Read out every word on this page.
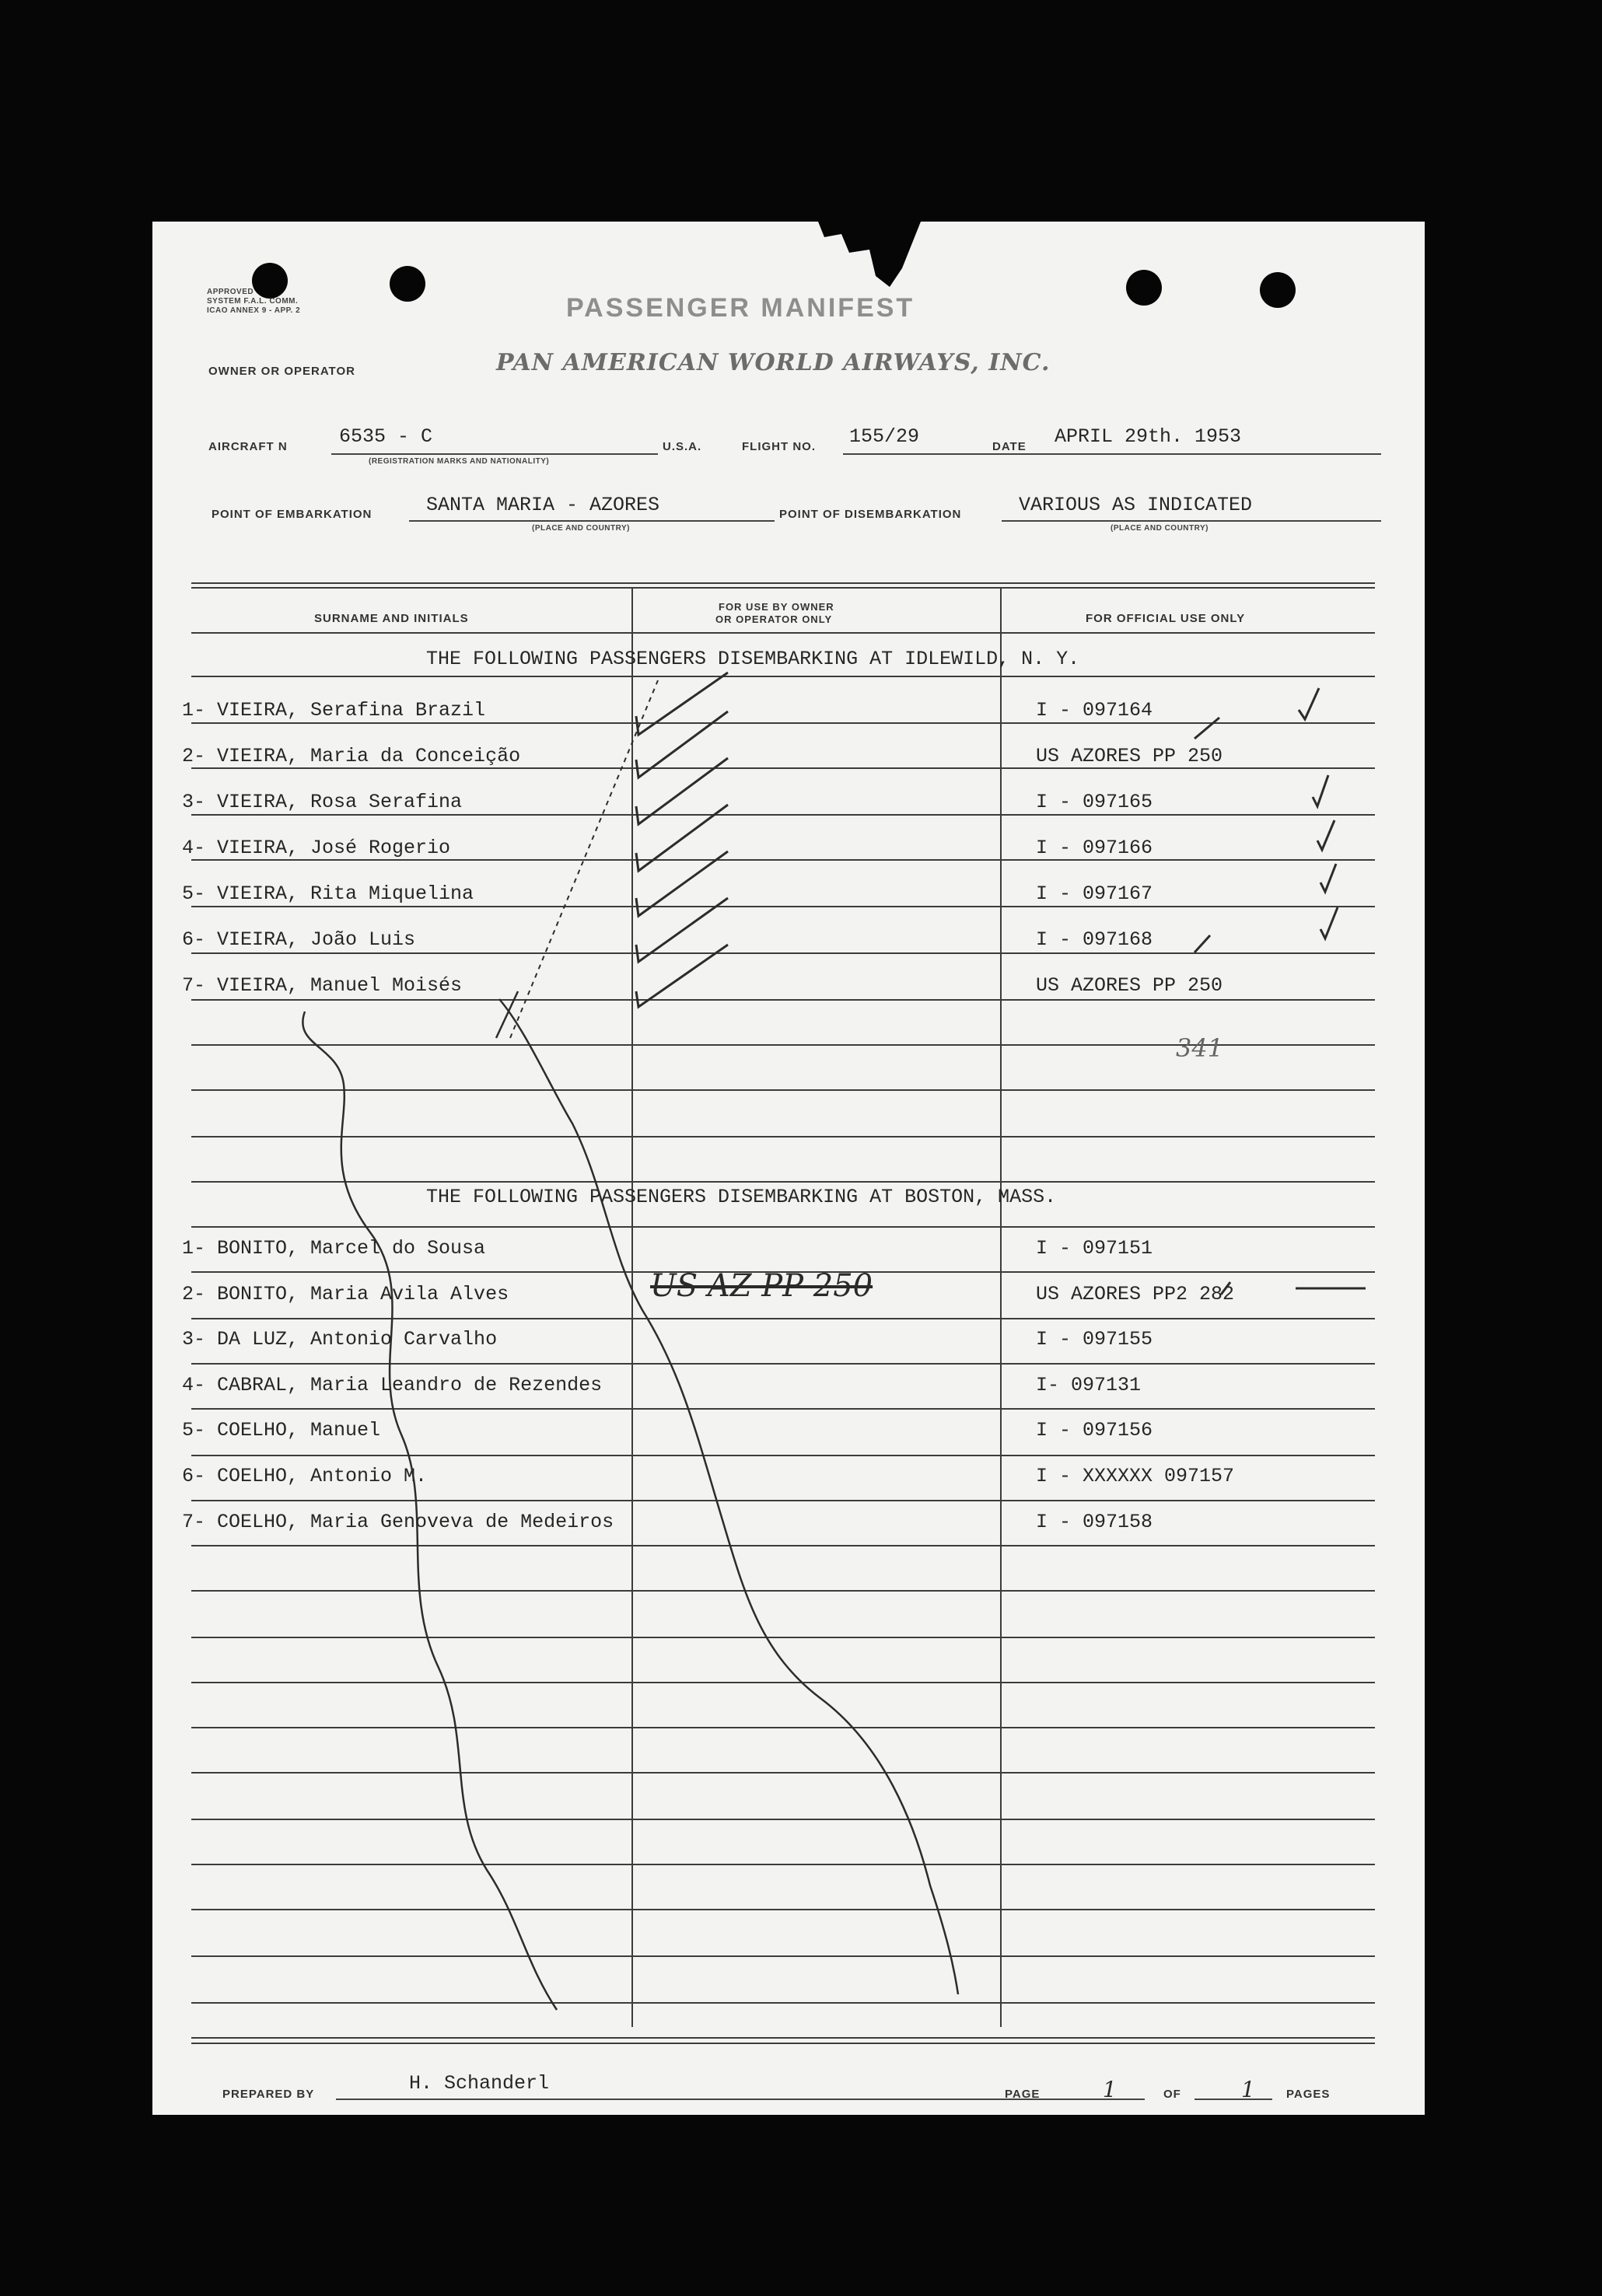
APPROVED
SYSTEM F.A.L. COMM.
ICAO ANNEX 9 - APP. 2	PASSENGER MANIFEST
OWNER OR OPERATOR	PAN AMERICAN WORLD AIRWAYS, INC.
AIRCRAFT N	6535 - C
(REGISTRATION MARKS AND NATIONALITY)
U.S.A.	FLIGHT NO. 155/29	DATE APRIL 29th. 1953
POINT OF EMBARKATION	SANTA MARIA - AZORES
(PLACE AND COUNTRY)
POINT OF DISEMBARKATION	VARIOUS AS INDICATED
(PLACE AND COUNTRY)
SURNAME AND INITIALS
FOR USE BY OWNER
OR OPERATOR ONLY	FOR OFFICIAL USE ONLY
THE FOLLOWING PASSENGERS DISEMBARKING AT IDLEWILD, N. Y.
1- VIEIRA, Serafina Brazil	I - 097164
2- VIEIRA, Maria da Conceição	US AZORES PP 250
3- VIEIRA, Rosa Serafina	I - 097165
4- VIEIRA, José Rogerio	I - 097166
5- VIEIRA, Rita Miquelina	I - 097167
6- VIEIRA, João Luis	I - 097168
7- VIEIRA, Manuel Moisés	US AZORES PP 250
341
THE FOLLOWING PASSENGERS DISEMBARKING AT BOSTON, MASS.
1- BONITO, Marcel do Sousa	I - 097151
2- BONITO, Maria Avila Alves	US AZORES PP2 282
3- DA LUZ, Antonio Carvalho	I - 097155
4- CABRAL, Maria Leandro de Rezendes	I- 097131
5- COELHO, Manuel	I - 097156
6- COELHO, Antonio M.	I - XXXXXX 097157
7- COELHO, Maria Genoveva de Medeiros	I - 097158
US AZ PP 250
PREPARED BY	H. Schanderl	PAGE	1	OF	1	PAGES
